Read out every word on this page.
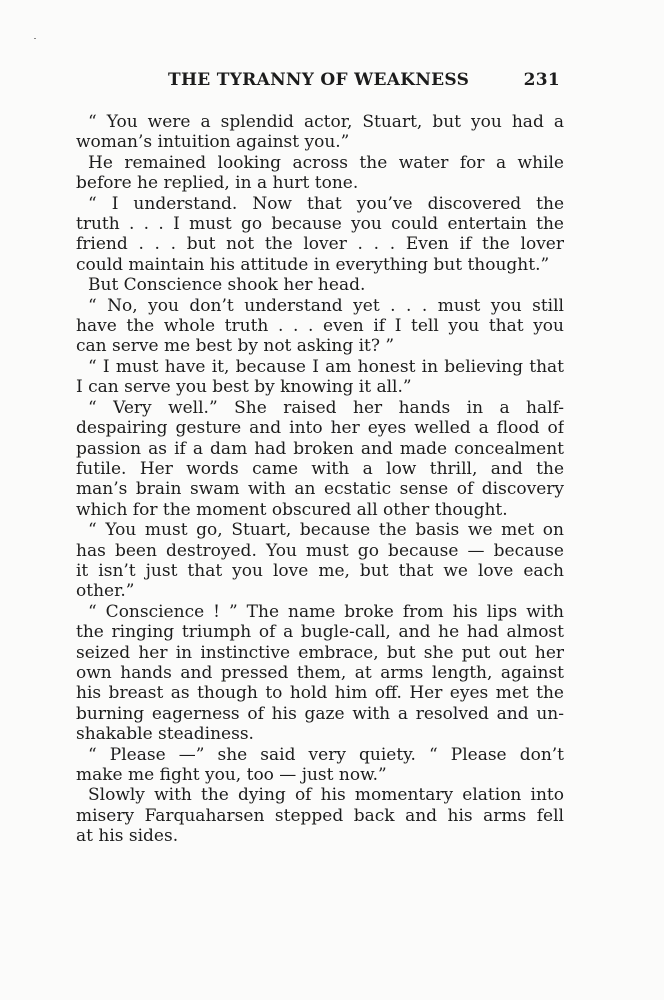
THE TYRANNY OF WEAKNESS	231
“ You were a splendid actor, Stuart, but you had a
woman’s intuition against you.”
He remained looking across the water for a while
before he replied, in a hurt tone.
“ I understand. Now that you’ve discovered the
truth . . . I must go because you could entertain the
friend . . . but not the lover . . . Even if the lover
could maintain his attitude in everything but thought.”
But Conscience shook her head.
“ No, you don’t understand yet . . . must you still
have the whole truth . . . even if I tell you that you
can serve me best by not asking it? ”
“ I must have it, because I am honest in believing that
I can serve you best by knowing it all.”
“ Very well.” She raised her hands in a half-
despairing gesture and into her eyes welled a flood of
passion as if a dam had broken and made concealment
futile. Her words came with a low thrill, and the
man’s brain swam with an ecstatic sense of discovery
which for the moment obscured all other thought.
“ You must go, Stuart, because the basis we met on
has been destroyed. You must go because — because
it isn’t just that you love me, but that we love each
other.”
“ Conscience ! ” The name broke from his lips with
the ringing triumph of a bugle-call, and he had almost
seized her in instinctive embrace, but she put out her
own hands and pressed them, at arms length, against
his breast as though to hold him off. Her eyes met the
burning eagerness of his gaze with a resolved and un-
shakable steadiness.
“ Please —” she said very quiety. “ Please don’t
make me fight you, too — just now.”
Slowly with the dying of his momentary elation into
misery Farquaharsen stepped back and his arms fell
at his sides.
